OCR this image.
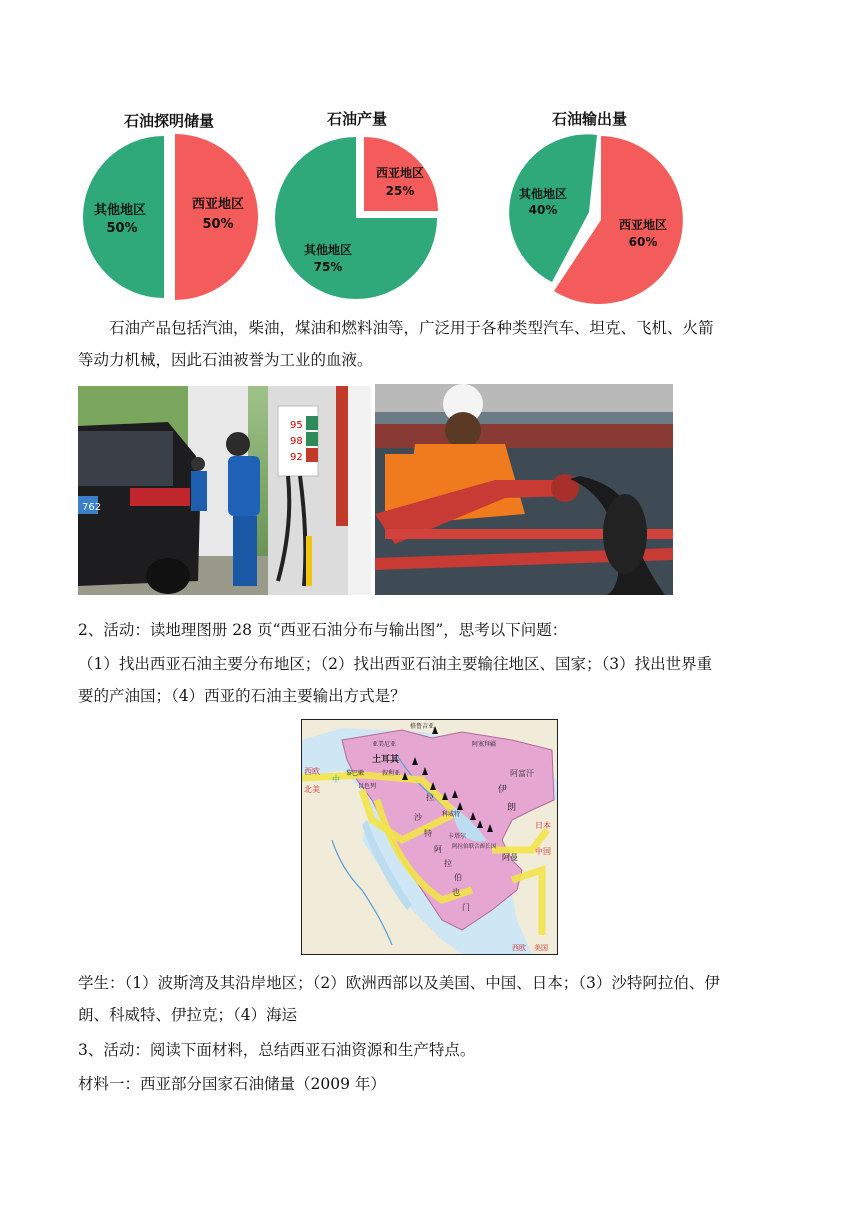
石油探明储量
其他地区
50%
西亚地区
50%
石油产量
西亚地区
25%
其他地区
75%
石油输出量
其他地区
40%
西亚地区
60%
石油产品包括汽油，柴油，煤油和燃料油等，广泛用于各种类型汽车、坦克、飞机、火箭
等动力机械，因此石油被誉为工业的血液。
762
95
98
92
2、活动：读地理图册 28 页“西亚石油分布与输出图”，思考以下问题：
（1）找出西亚石油主要分布地区；（2）找出西亚石油主要输往地区、国家；（3）找出世界重
要的产油国；（4）西亚的石油主要输出方式是？
格鲁吉亚
亚美尼亚	阿塞拜疆
土耳其
阿富汗
伊
朗
西欧
北美
中
黎巴嫩
以色列
叙利亚
拉
沙
特
阿
拉
伯
卡塔尔
阿拉伯联合酋长国
科威特
也
门
阿曼
日本
中国
西欧 美国
学生：（1）波斯湾及其沿岸地区；（2）欧洲西部以及美国、中国、日本；（3）沙特阿拉伯、伊
朗、科威特、伊拉克；（4）海运
3、活动：阅读下面材料，总结西亚石油资源和生产特点。
材料一：西亚部分国家石油储量（2009 年）
